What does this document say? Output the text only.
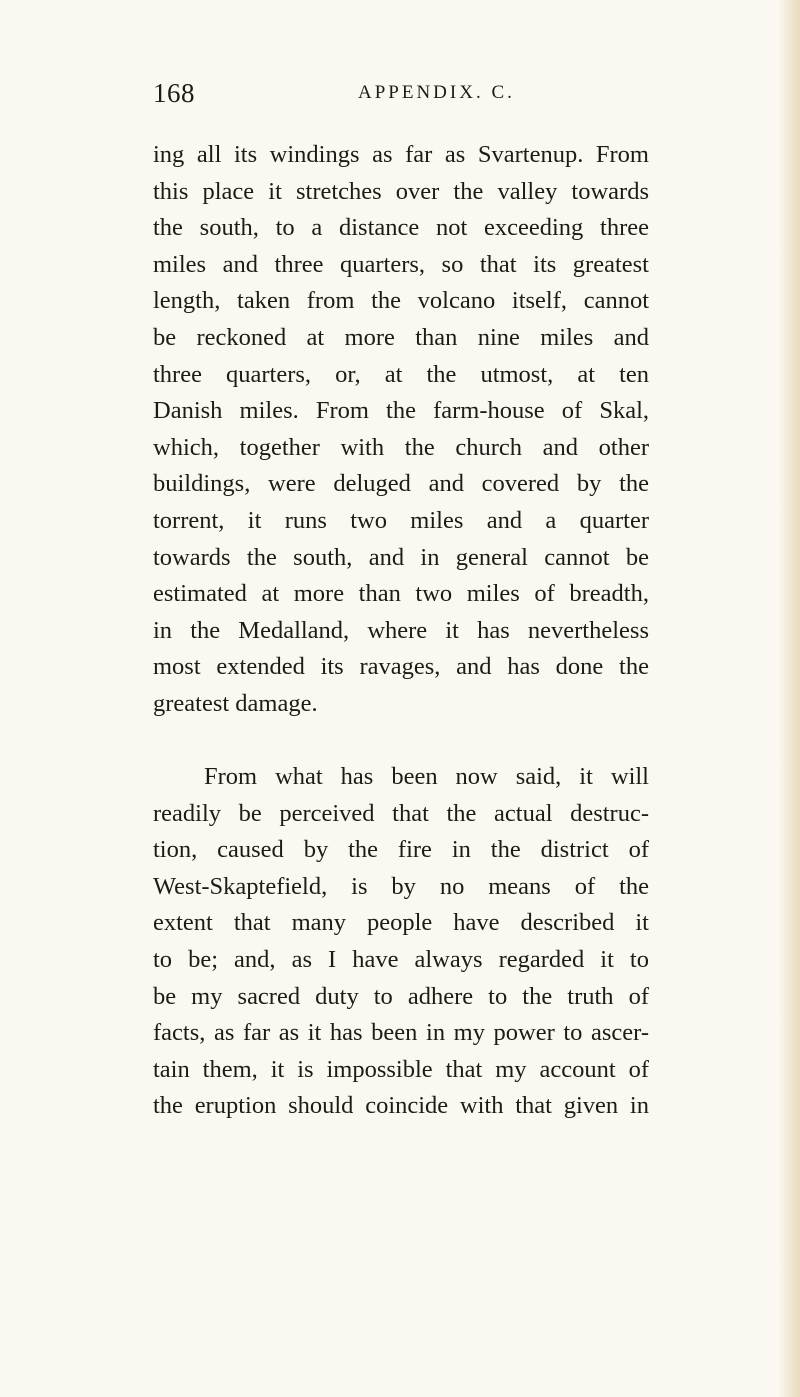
168	APPENDIX. C.

ing all its windings as far as Svartenup. From
this place it stretches over the valley towards
the south, to a distance not exceeding three
miles and three quarters, so that its greatest
length, taken from the volcano itself, cannot
be reckoned at more than nine miles and
three quarters, or, at the utmost, at ten
Danish miles. From the farm-house of Skal,
which, together with the church and other
buildings, were deluged and covered by the
torrent, it runs two miles and a quarter
towards the south, and in general cannot be
estimated at more than two miles of breadth,
in the Medalland, where it has nevertheless
most extended its ravages, and has done the
greatest damage.

From what has been now said, it will
readily be perceived that the actual destruc-
tion, caused by the fire in the district of
West-Skaptefield, is by no means of the
extent that many people have described it
to be; and, as I have always regarded it to
be my sacred duty to adhere to the truth of
facts, as far as it has been in my power to ascer-
tain them, it is impossible that my account of
the eruption should coincide with that given in
